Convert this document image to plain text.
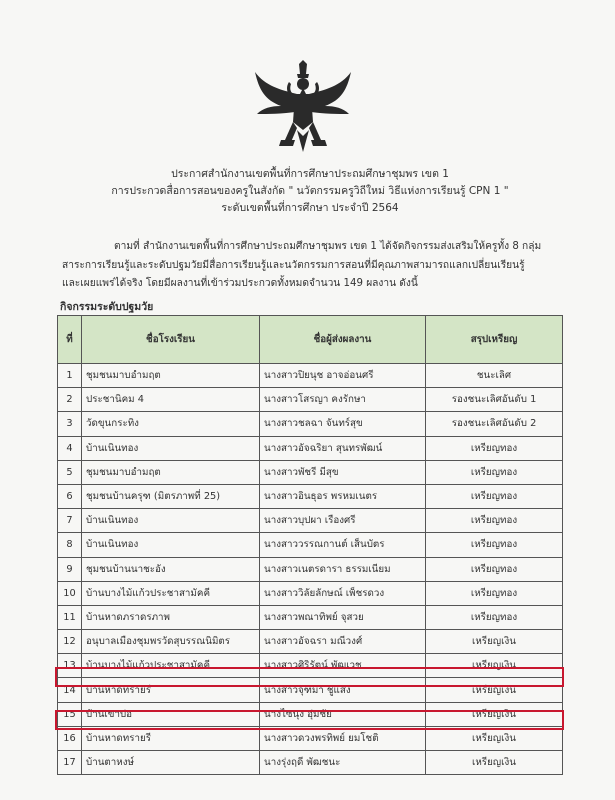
ประกาศสำนักงานเขตพื้นที่การศึกษาประถมศึกษาชุมพร เขต 1
การประกวดสื่อการสอนของครูในสังกัด " นวัตกรรมครูวิถีใหม่ วิธีแห่งการเรียนรู้ CPN 1 "
ระดับเขตพื้นที่การศึกษา ประจำปี 2564
ตามที่ สำนักงานเขตพื้นที่การศึกษาประถมศึกษาชุมพร เขต 1 ได้จัดกิจกรรมส่งเสริมให้ครูทั้ง 8 กลุ่ม
สาระการเรียนรู้และระดับปฐมวัยมีสื่อการเรียนรู้และนวัตกรรมการสอนที่มีคุณภาพสามารถแลกเปลี่ยนเรียนรู้
และเผยแพร่ได้จริง โดยมีผลงานที่เข้าร่วมประกวดทั้งหมดจำนวน 149 ผลงาน ดังนี้
กิจกรรมระดับปฐมวัย
ที่	ชื่อโรงเรียน	ชื่อผู้ส่งผลงาน	สรุปเหรียญ
1	ชุมชนมาบอำมฤต	นางสาวปิยนุช อาจอ่อนศรี	ชนะเลิศ
2	ประชานิคม 4	นางสาวโสรญา คงรักษา	รองชนะเลิศอันดับ 1
3	วัดขุนกระทิง	นางสาวชลฉา จันทร์สุข	รองชนะเลิศอันดับ 2
4	บ้านเนินทอง	นางสาวอัจฉริยา สุนทรพัฒน์	เหรียญทอง
5	ชุมชนมาบอำมฤต	นางสาวพัชรี มีสุข	เหรียญทอง
6	ชุมชนบ้านครุฑ (มิตรภาพที่ 25)	นางสาวอินธุอร พรหมเนตร	เหรียญทอง
7	บ้านเนินทอง	นางสาวบุปผา เรืองศรี	เหรียญทอง
8	บ้านเนินทอง	นางสาววรรณกานต์ เส็นบัตร	เหรียญทอง
9	ชุมชนบ้านนาชะอัง	นางสาวเนตรดารา ธรรมเนียม	เหรียญทอง
10	บ้านบางไม้แก้วประชาสามัคคี	นางสาววิลัยลักษณ์ เพ็ชรดวง	เหรียญทอง
11	บ้านหาดภราดรภาพ	นางสาวพณาทิพย์ จุสวย	เหรียญทอง
12	อนุบาลเมืองชุมพรวัดสุบรรณนิมิตร	นางสาวอัจฉรา มณีวงศ์	เหรียญเงิน
13	บ้านบางไม้แก้วประชาสามัคคี	นางสาวศิริรัตน์ พัฒเวช	เหรียญเงิน
14	บ้านหาดทรายรี	นางสาวจุฑิมา ชูแสง	เหรียญเงิน
15	บ้านเขาบ่อ	นางไซนุง อุ่มชัย	เหรียญเงิน
16	บ้านหาดทรายรี	นางสาวดวงพรทิพย์ ยมโชติ	เหรียญเงิน
17	บ้านตาหงษ์	นางรุ่งฤดี พัฒชนะ	เหรียญเงิน
